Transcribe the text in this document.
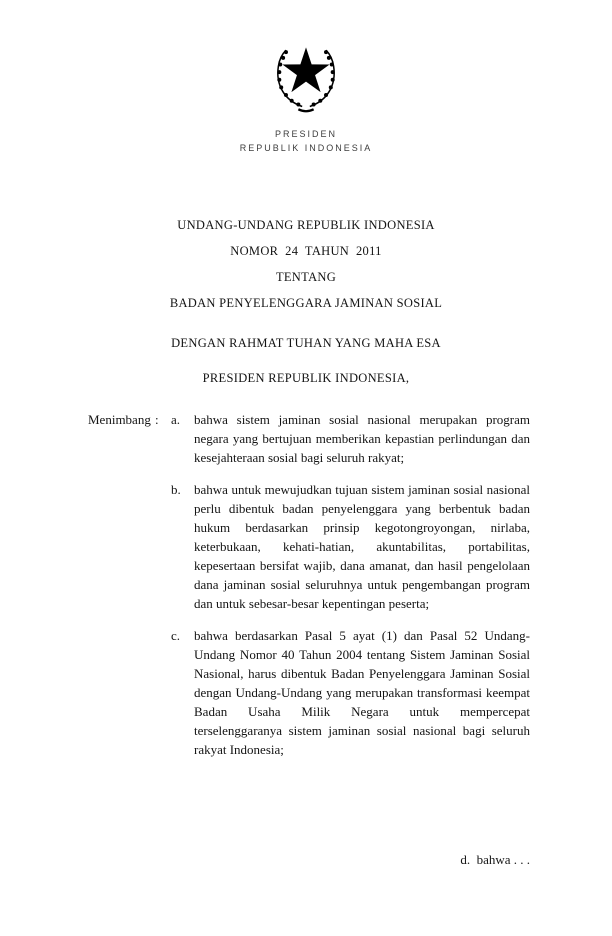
PRESIDEN
REPUBLIK INDONESIA
UNDANG-UNDANG REPUBLIK INDONESIA
NOMOR  24  TAHUN  2011
TENTANG
BADAN PENYELENGGARA JAMINAN SOSIAL
DENGAN RAHMAT TUHAN YANG MAHA ESA
PRESIDEN REPUBLIK INDONESIA,
Menimbang : a.	bahwa sistem jaminan sosial nasional merupakan program negara yang bertujuan memberikan kepastian perlindungan dan kesejahteraan sosial bagi seluruh rakyat;
b.	bahwa untuk mewujudkan tujuan sistem jaminan sosial nasional perlu dibentuk badan penyelenggara yang berbentuk badan hukum berdasarkan prinsip kegotongroyongan, nirlaba, keterbukaan, kehati-hatian, akuntabilitas, portabilitas, kepesertaan bersifat wajib, dana amanat, dan hasil pengelolaan dana jaminan sosial seluruhnya untuk pengembangan program dan untuk sebesar-besar kepentingan peserta;
c.	bahwa berdasarkan Pasal 5 ayat (1) dan Pasal 52 Undang-Undang Nomor 40 Tahun 2004 tentang Sistem Jaminan Sosial Nasional, harus dibentuk Badan Penyelenggara Jaminan Sosial dengan Undang-Undang yang merupakan transformasi keempat Badan Usaha Milik Negara untuk mempercepat terselenggaranya sistem jaminan sosial nasional bagi seluruh rakyat Indonesia;
d.  bahwa . . .
